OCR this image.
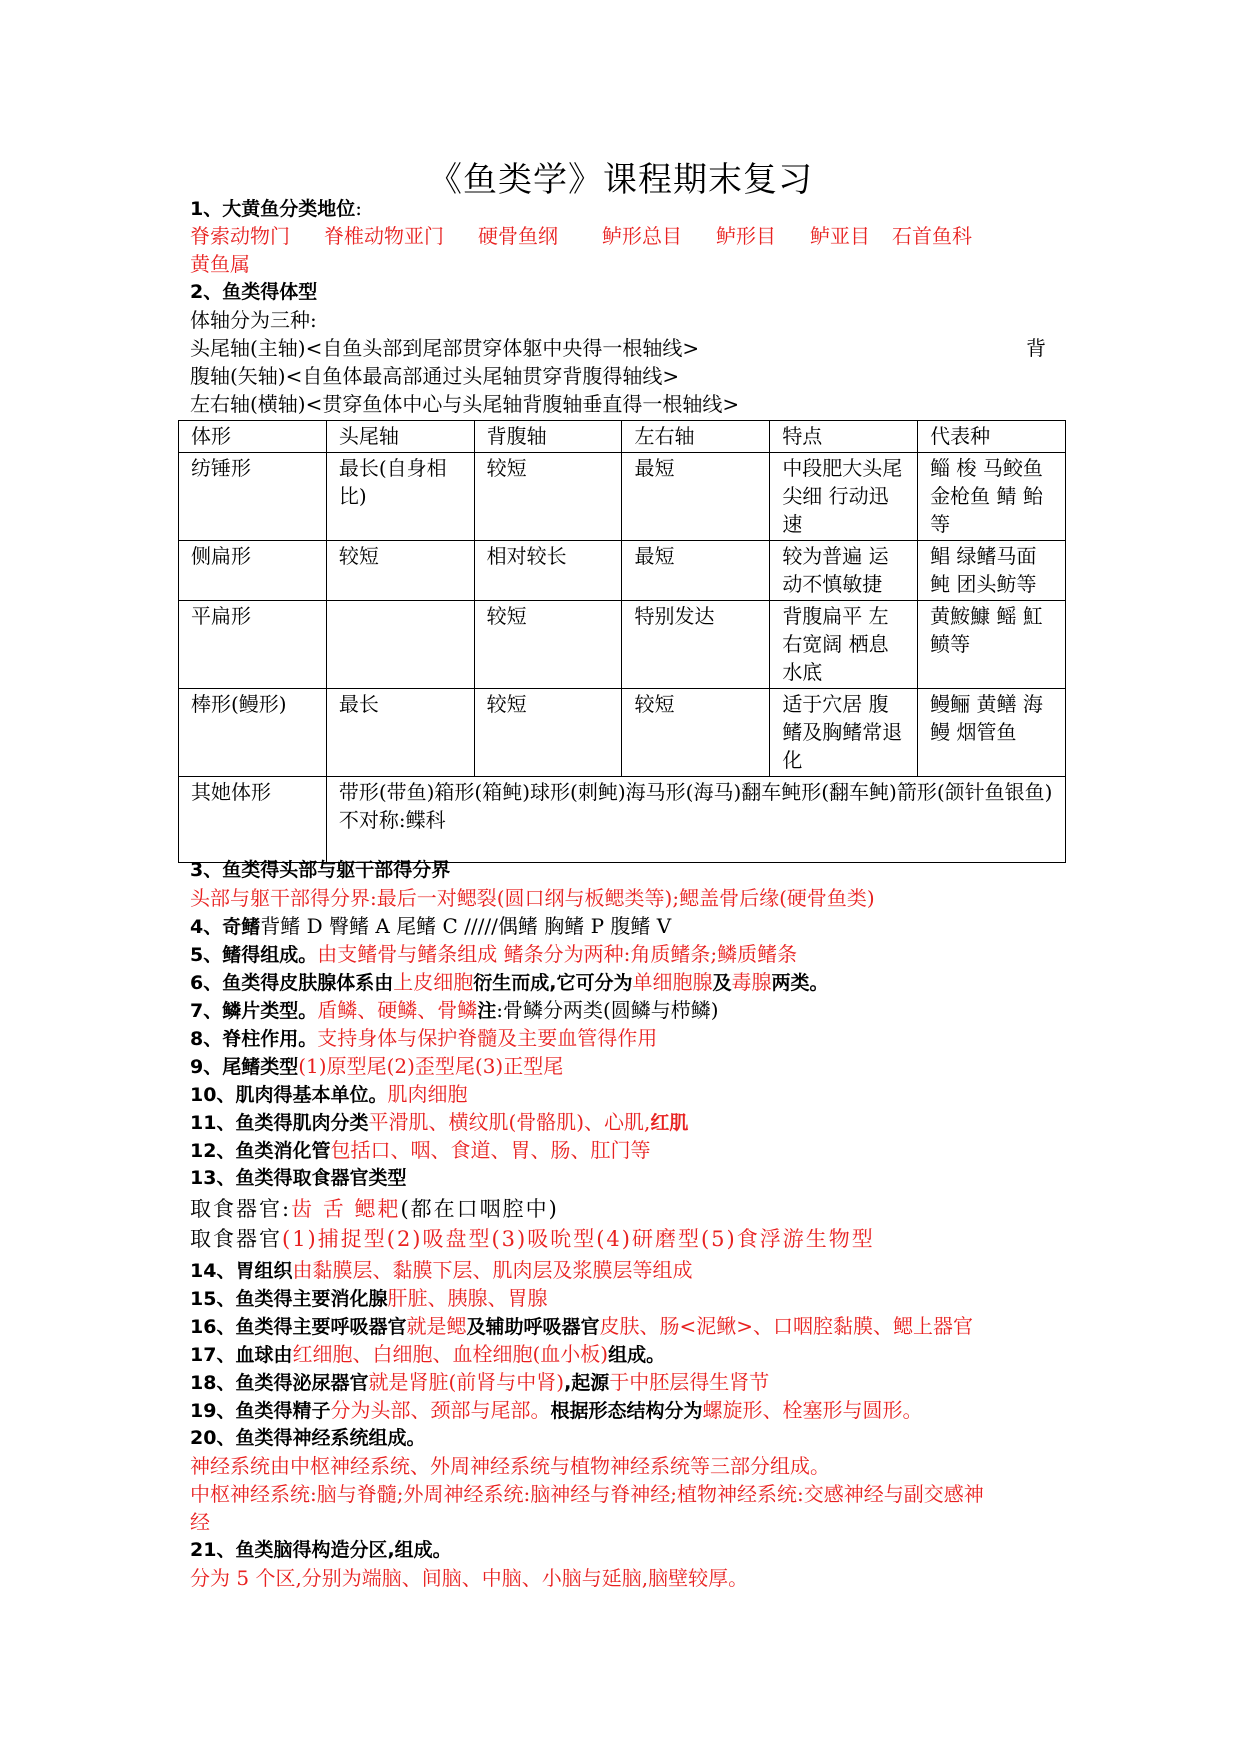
《鱼类学》课程期末复习
1、大黄鱼分类地位:
脊索动物门 脊椎动物亚门 硬骨鱼纲 鲈形总目 鲈形目 鲈亚目 石首鱼科
黄鱼属
2、鱼类得体型
体轴分为三种:
头尾轴(主轴)<自鱼头部到尾部贯穿体躯中央得一根轴线>	背
腹轴(矢轴)<自鱼体最高部通过头尾轴贯穿背腹得轴线>
左右轴(横轴)<贯穿鱼体中心与头尾轴背腹轴垂直得一根轴线>
体形	头尾轴	背腹轴	左右轴	特点	代表种
纺锤形	最长(自身相比)	较短	最短	中段肥大头尾尖细 行动迅速	鲻 梭 马鲛鱼 金枪鱼 鲭 鲐等
侧扁形	较短	相对较长	最短	较为普遍 运动不慎敏捷	鲳 绿鳍马面鲀 团头鲂等
平扁形		较短	特别发达	背腹扁平 左右宽阔 栖息水底	黄鮟鱇 鳐 魟 鲼等
棒形(鳗形)	最长	较短	较短	适于穴居 腹鳍及胸鳍常退化	鳗鲡 黄鳝 海鳗 烟管鱼
其她体形	带形(带鱼)箱形(箱鲀)球形(刺鲀)海马形(海马)翻车鲀形(翻车鲀)箭形(颌针鱼银鱼)
不对称:鲽科				
3、鱼类得头部与躯干部得分界
头部与躯干部得分界:最后一对鳃裂(圆口纲与板鳃类等);鳃盖骨后缘(硬骨鱼类)
4、奇鳍背鳍 D 臀鳍 A 尾鳍 C /////偶鳍 胸鳍 P 腹鳍 V
5、鳍得组成。由支鳍骨与鳍条组成 鳍条分为两种:角质鳍条;鳞质鳍条
6、鱼类得皮肤腺体系由上皮细胞衍生而成,它可分为单细胞腺及毒腺两类。
7、鳞片类型。盾鳞、硬鳞、骨鳞注:骨鳞分两类(圆鳞与栉鳞)
8、脊柱作用。支持身体与保护脊髓及主要血管得作用
9、尾鳍类型(1)原型尾(2)歪型尾(3)正型尾
10、肌肉得基本单位。肌肉细胞
11、鱼类得肌肉分类平滑肌、横纹肌(骨骼肌)、心肌,红肌
12、鱼类消化管包括口、咽、食道、胃、肠、肛门等
13、鱼类得取食器官类型
取食器官:齿 舌 鳃耙(都在口咽腔中)
取食器官(1)捕捉型(2)吸盘型(3)吸吮型(4)研磨型(5)食浮游生物型
14、胃组织由黏膜层、黏膜下层、肌肉层及浆膜层等组成
15、鱼类得主要消化腺肝脏、胰腺、胃腺
16、鱼类得主要呼吸器官就是鳃及辅助呼吸器官皮肤、肠<泥鳅>、口咽腔黏膜、鳃上器官
17、血球由红细胞、白细胞、血栓细胞(血小板)组成。
18、鱼类得泌尿器官就是肾脏(前肾与中肾),起源于中胚层得生肾节
19、鱼类得精子分为头部、颈部与尾部。根据形态结构分为螺旋形、栓塞形与圆形。
20、鱼类得神经系统组成。
神经系统由中枢神经系统、外周神经系统与植物神经系统等三部分组成。
中枢神经系统:脑与脊髓;外周神经系统:脑神经与脊神经;植物神经系统:交感神经与副交感神
经
21、鱼类脑得构造分区,组成。
分为 5 个区,分别为端脑、间脑、中脑、小脑与延脑,脑壁较厚。
